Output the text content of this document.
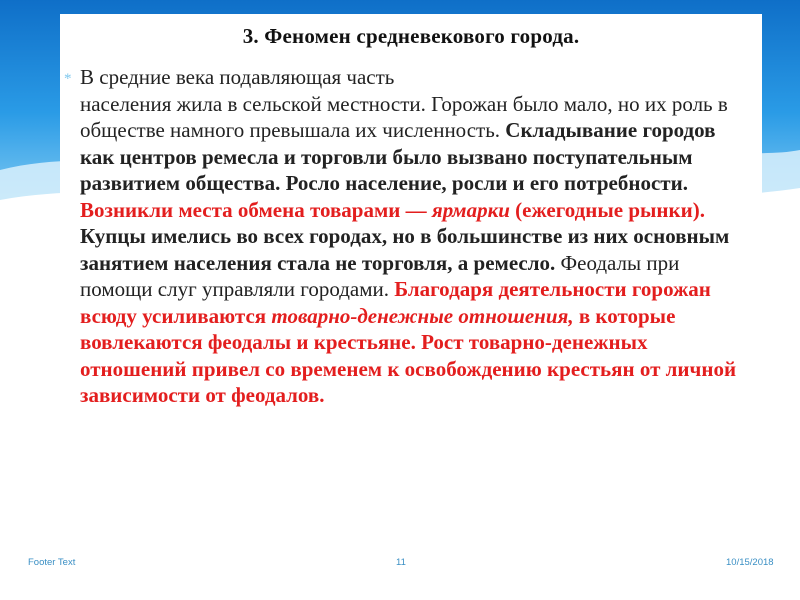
3. Феномен средневекового города.
* В средние века подавляющая часть
населения жила в сельской местности. Горожан было мало, но их роль в обществе намного превышала их численность. Складывание городов как центров ремесла и торговли было вызвано поступательным развитием общества. Росло население, росли и его потребности. Возникли места обмена товарами — ярмарки (ежегодные рынки). Купцы имелись во всех городах, но в большинстве из них основным занятием населения стала не торговля, а ремесло. Феодалы при помощи слуг управляли городами. Благодаря деятельности горожан всюду усиливаются товарно-денежные отношения, в которые вовлекаются феодалы и крестьяне. Рост товарно-денежных отношений привел со временем к освобождению крестьян от личной зависимости от феодалов.
Footer Text	11	10/15/2018
